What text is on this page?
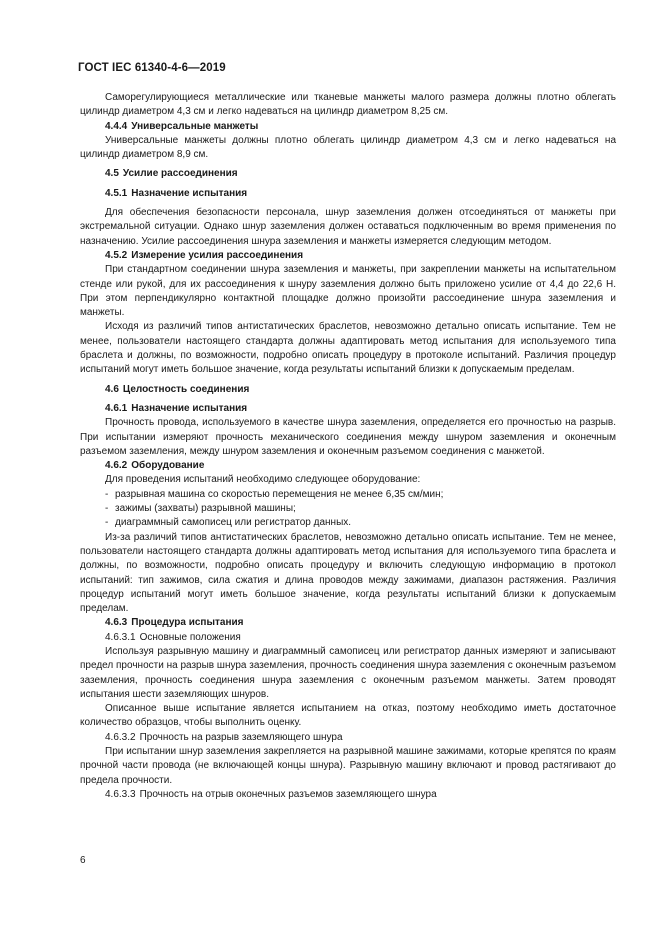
ГОСТ IEC 61340-4-6—2019

Саморегулирующиеся металлические или тканевые манжеты малого размера должны плотно облегать цилиндр диаметром 4,3 см и легко надеваться на цилиндр диаметром 8,25 см.

4.4.4 Универсальные манжеты

Универсальные манжеты должны плотно облегать цилиндр диаметром 4,3 см и легко надеваться на цилиндр диаметром 8,9 см.

4.5 Усилие рассоединения

4.5.1 Назначение испытания

Для обеспечения безопасности персонала, шнур заземления должен отсоединяться от манжеты при экстремальной ситуации. Однако шнур заземления должен оставаться подключенным во время применения по назначению. Усилие рассоединения шнура заземления и манжеты измеряется следующим методом.

4.5.2 Измерение усилия рассоединения

При стандартном соединении шнура заземления и манжеты, при закреплении манжеты на испытательном стенде или рукой, для их рассоединения к шнуру заземления должно быть приложено усилие от 4,4 до 22,6 Н. При этом перпендикулярно контактной площадке должно произойти рассоединение шнура заземления и манжеты.

Исходя из различий типов антистатических браслетов, невозможно детально описать испытание. Тем не менее, пользователи настоящего стандарта должны адаптировать метод испытания для используемого типа браслета и должны, по возможности, подробно описать процедуру в протоколе испытаний. Различия процедур испытаний могут иметь большое значение, когда результаты испытаний близки к допускаемым пределам.

4.6 Целостность соединения

4.6.1 Назначение испытания

Прочность провода, используемого в качестве шнура заземления, определяется его прочностью на разрыв. При испытании измеряют прочность механического соединения между шнуром заземления и оконечным разъемом заземления, между шнуром заземления и оконечным разъемом соединения с манжетой.

4.6.2 Оборудование

Для проведения испытаний необходимо следующее оборудование:

- разрывная машина со скоростью перемещения не менее 6,35 см/мин;

- зажимы (захваты) разрывной машины;

- диаграммный самописец или регистратор данных.

Из-за различий типов антистатических браслетов, невозможно детально описать испытание. Тем не менее, пользователи настоящего стандарта должны адаптировать метод испытания для используемого типа браслета и должны, по возможности, подробно описать процедуру и включить следующую информацию в протокол испытаний: тип зажимов, сила сжатия и длина проводов между зажимами, диапазон растяжения. Различия процедур испытаний могут иметь большое значение, когда результаты испытаний близки к допускаемым пределам.

4.6.3 Процедура испытания

4.6.3.1 Основные положения

Используя разрывную машину и диаграммный самописец или регистратор данных измеряют и записывают предел прочности на разрыв шнура заземления, прочность соединения шнура заземления с оконечным разъемом заземления, прочность соединения шнура заземления с оконечным разъемом манжеты. Затем проводят испытания шести заземляющих шнуров.

Описанное выше испытание является испытанием на отказ, поэтому необходимо иметь достаточное количество образцов, чтобы выполнить оценку.

4.6.3.2 Прочность на разрыв заземляющего шнура

При испытании шнур заземления закрепляется на разрывной машине зажимами, которые крепятся по краям прочной части провода (не включающей концы шнура). Разрывную машину включают и провод растягивают до предела прочности.

4.6.3.3 Прочность на отрыв оконечных разъемов заземляющего шнура

6
